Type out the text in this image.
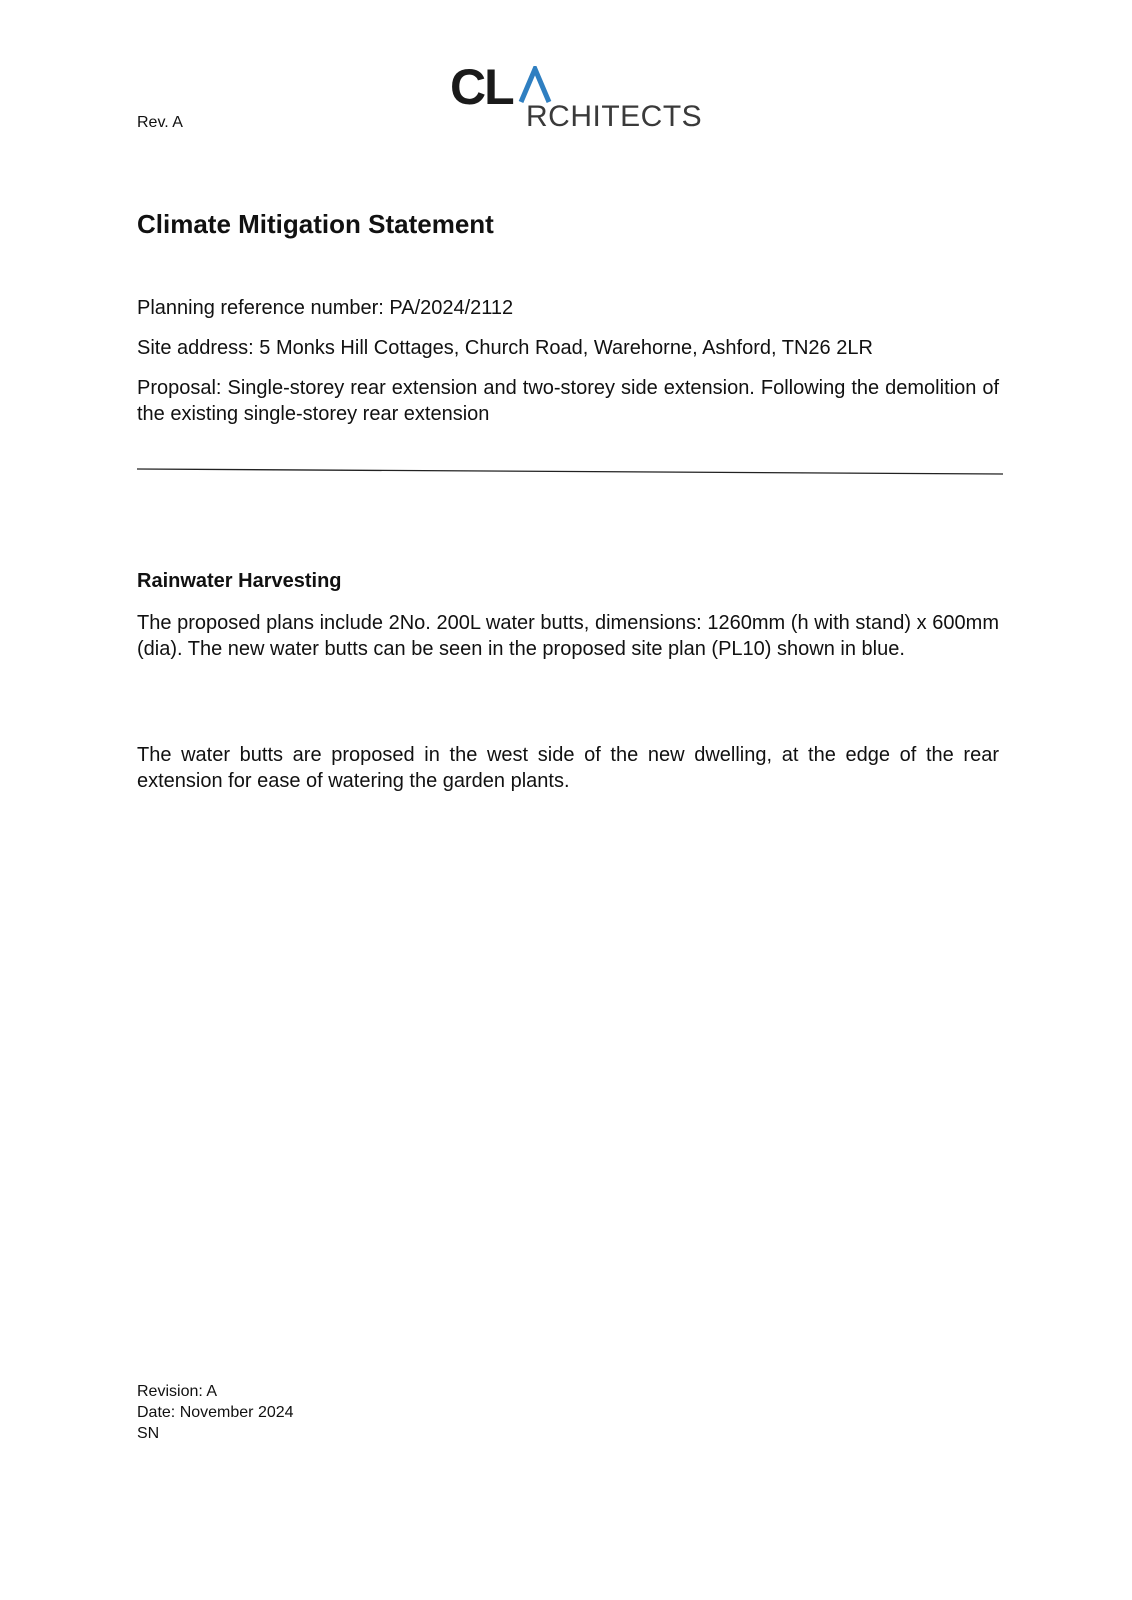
Rev. A
CL
RCHITECTS
Climate Mitigation Statement

Planning reference number: PA/2024/2112

Site address: 5 Monks Hill Cottages, Church Road, Warehorne, Ashford, TN26 2LR

Proposal: Single-storey rear extension and two-storey side extension. Following the demolition of the existing single-storey rear extension

Rainwater Harvesting

The proposed plans include 2No. 200L water butts, dimensions: 1260mm (h with stand) x 600mm (dia). The new water butts can be seen in the proposed site plan (PL10) shown in blue.

The water butts are proposed in the west side of the new dwelling, at the edge of the rear extension for ease of watering the garden plants.

Revision: A
Date: November 2024
SN
